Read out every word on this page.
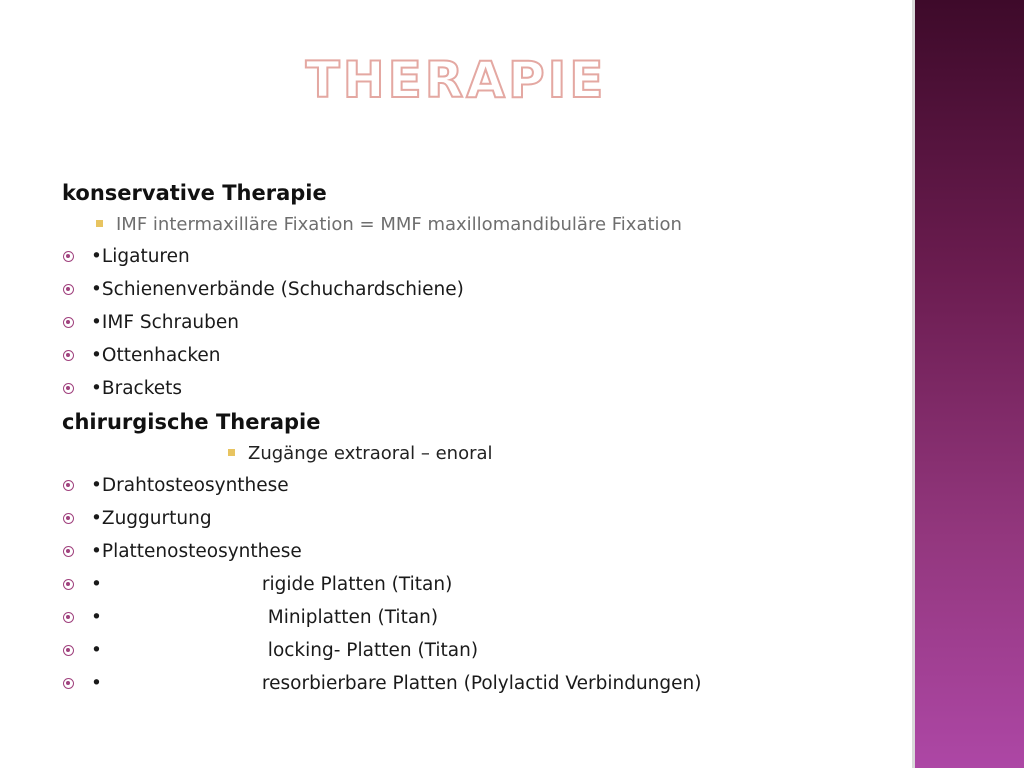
THERAPIE
konservative Therapie
IMF intermaxilläre Fixation = MMF maxillomandibuläre Fixation
•Ligaturen
•Schienenverbände (Schuchardschiene)
•IMF Schrauben
•Ottenhacken
•Brackets
chirurgische Therapie
Zugänge extraoral – enoral
•Drahtosteosynthese
•Zuggurtung
•Plattenosteosynthese
•	rigide Platten (Titan)
•	Miniplatten (Titan)
•	locking- Platten (Titan)
•	resorbierbare Platten (Polylactid Verbindungen)
